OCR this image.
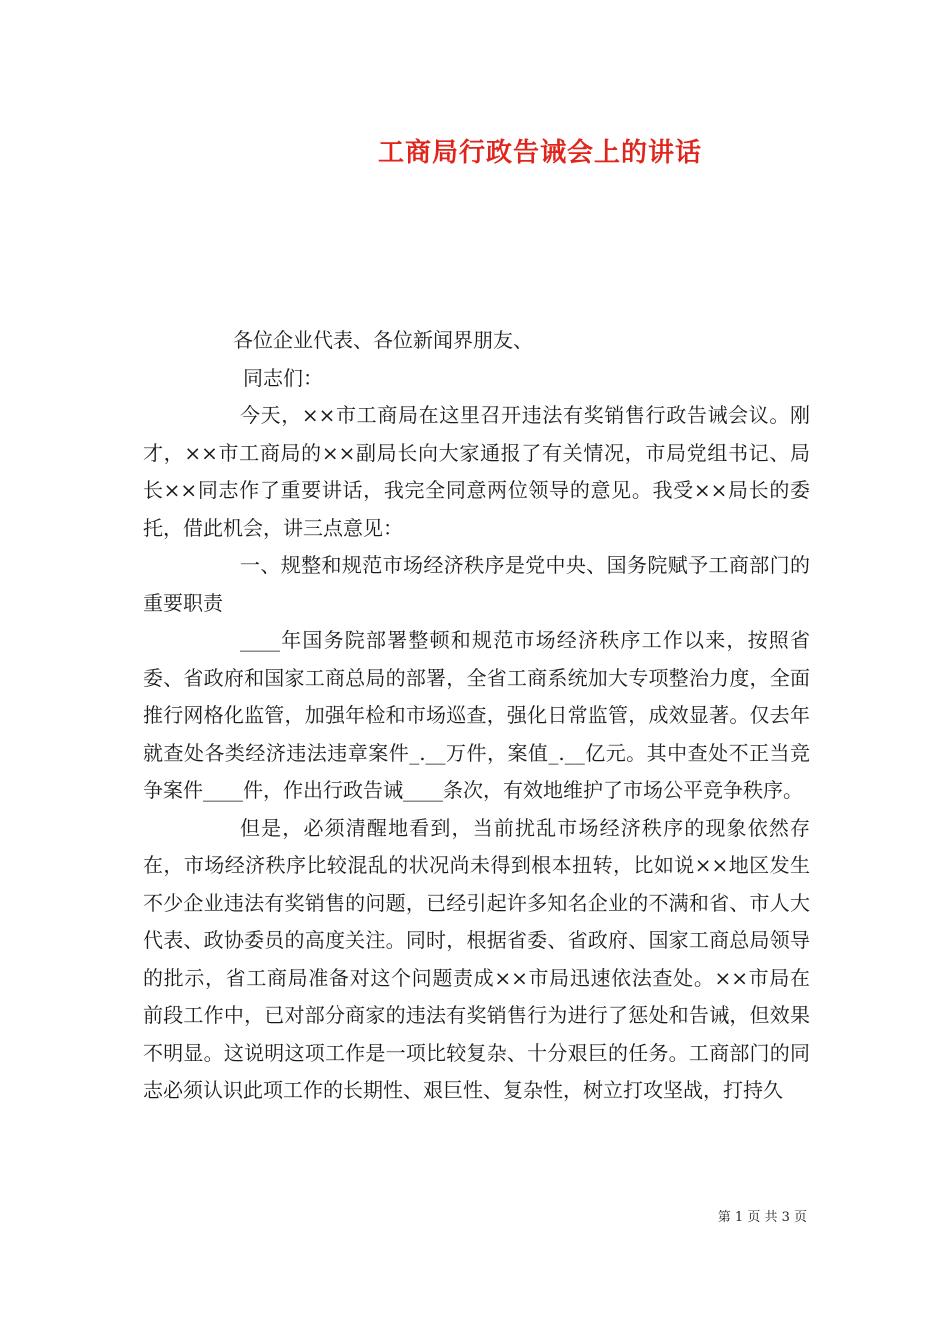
工商局行政告诫会上的讲话

各位企业代表、各位新闻界朋友、

同志们：

今天，××市工商局在这里召开违法有奖销售行政告诫会议。刚才，××市工商局的××副局长向大家通报了有关情况，市局党组书记、局长××同志作了重要讲话，我完全同意两位领导的意见。我受××局长的委托，借此机会，讲三点意见：

一、规整和规范市场经济秩序是党中央、国务院赋予工商部门的重要职责

____年国务院部署整顿和规范市场经济秩序工作以来，按照省委、省政府和国家工商总局的部署，全省工商系统加大专项整治力度，全面推行网格化监管，加强年检和市场巡查，强化日常监管，成效显著。仅去年就查处各类经济违法违章案件_.__万件，案值_.__亿元。其中查处不正当竞争案件____件，作出行政告诫____条次，有效地维护了市场公平竞争秩序。

但是，必须清醒地看到，当前扰乱市场经济秩序的现象依然存在，市场经济秩序比较混乱的状况尚未得到根本扭转，比如说××地区发生不少企业违法有奖销售的问题，已经引起许多知名企业的不满和省、市人大代表、政协委员的高度关注。同时，根据省委、省政府、国家工商总局领导的批示，省工商局准备对这个问题责成××市局迅速依法查处。××市局在前段工作中，已对部分商家的违法有奖销售行为进行了惩处和告诫，但效果不明显。这说明这项工作是一项比较复杂、十分艰巨的任务。工商部门的同志必须认识此项工作的长期性、艰巨性、复杂性，树立打攻坚战，打持久

第 1 页 共 3 页
